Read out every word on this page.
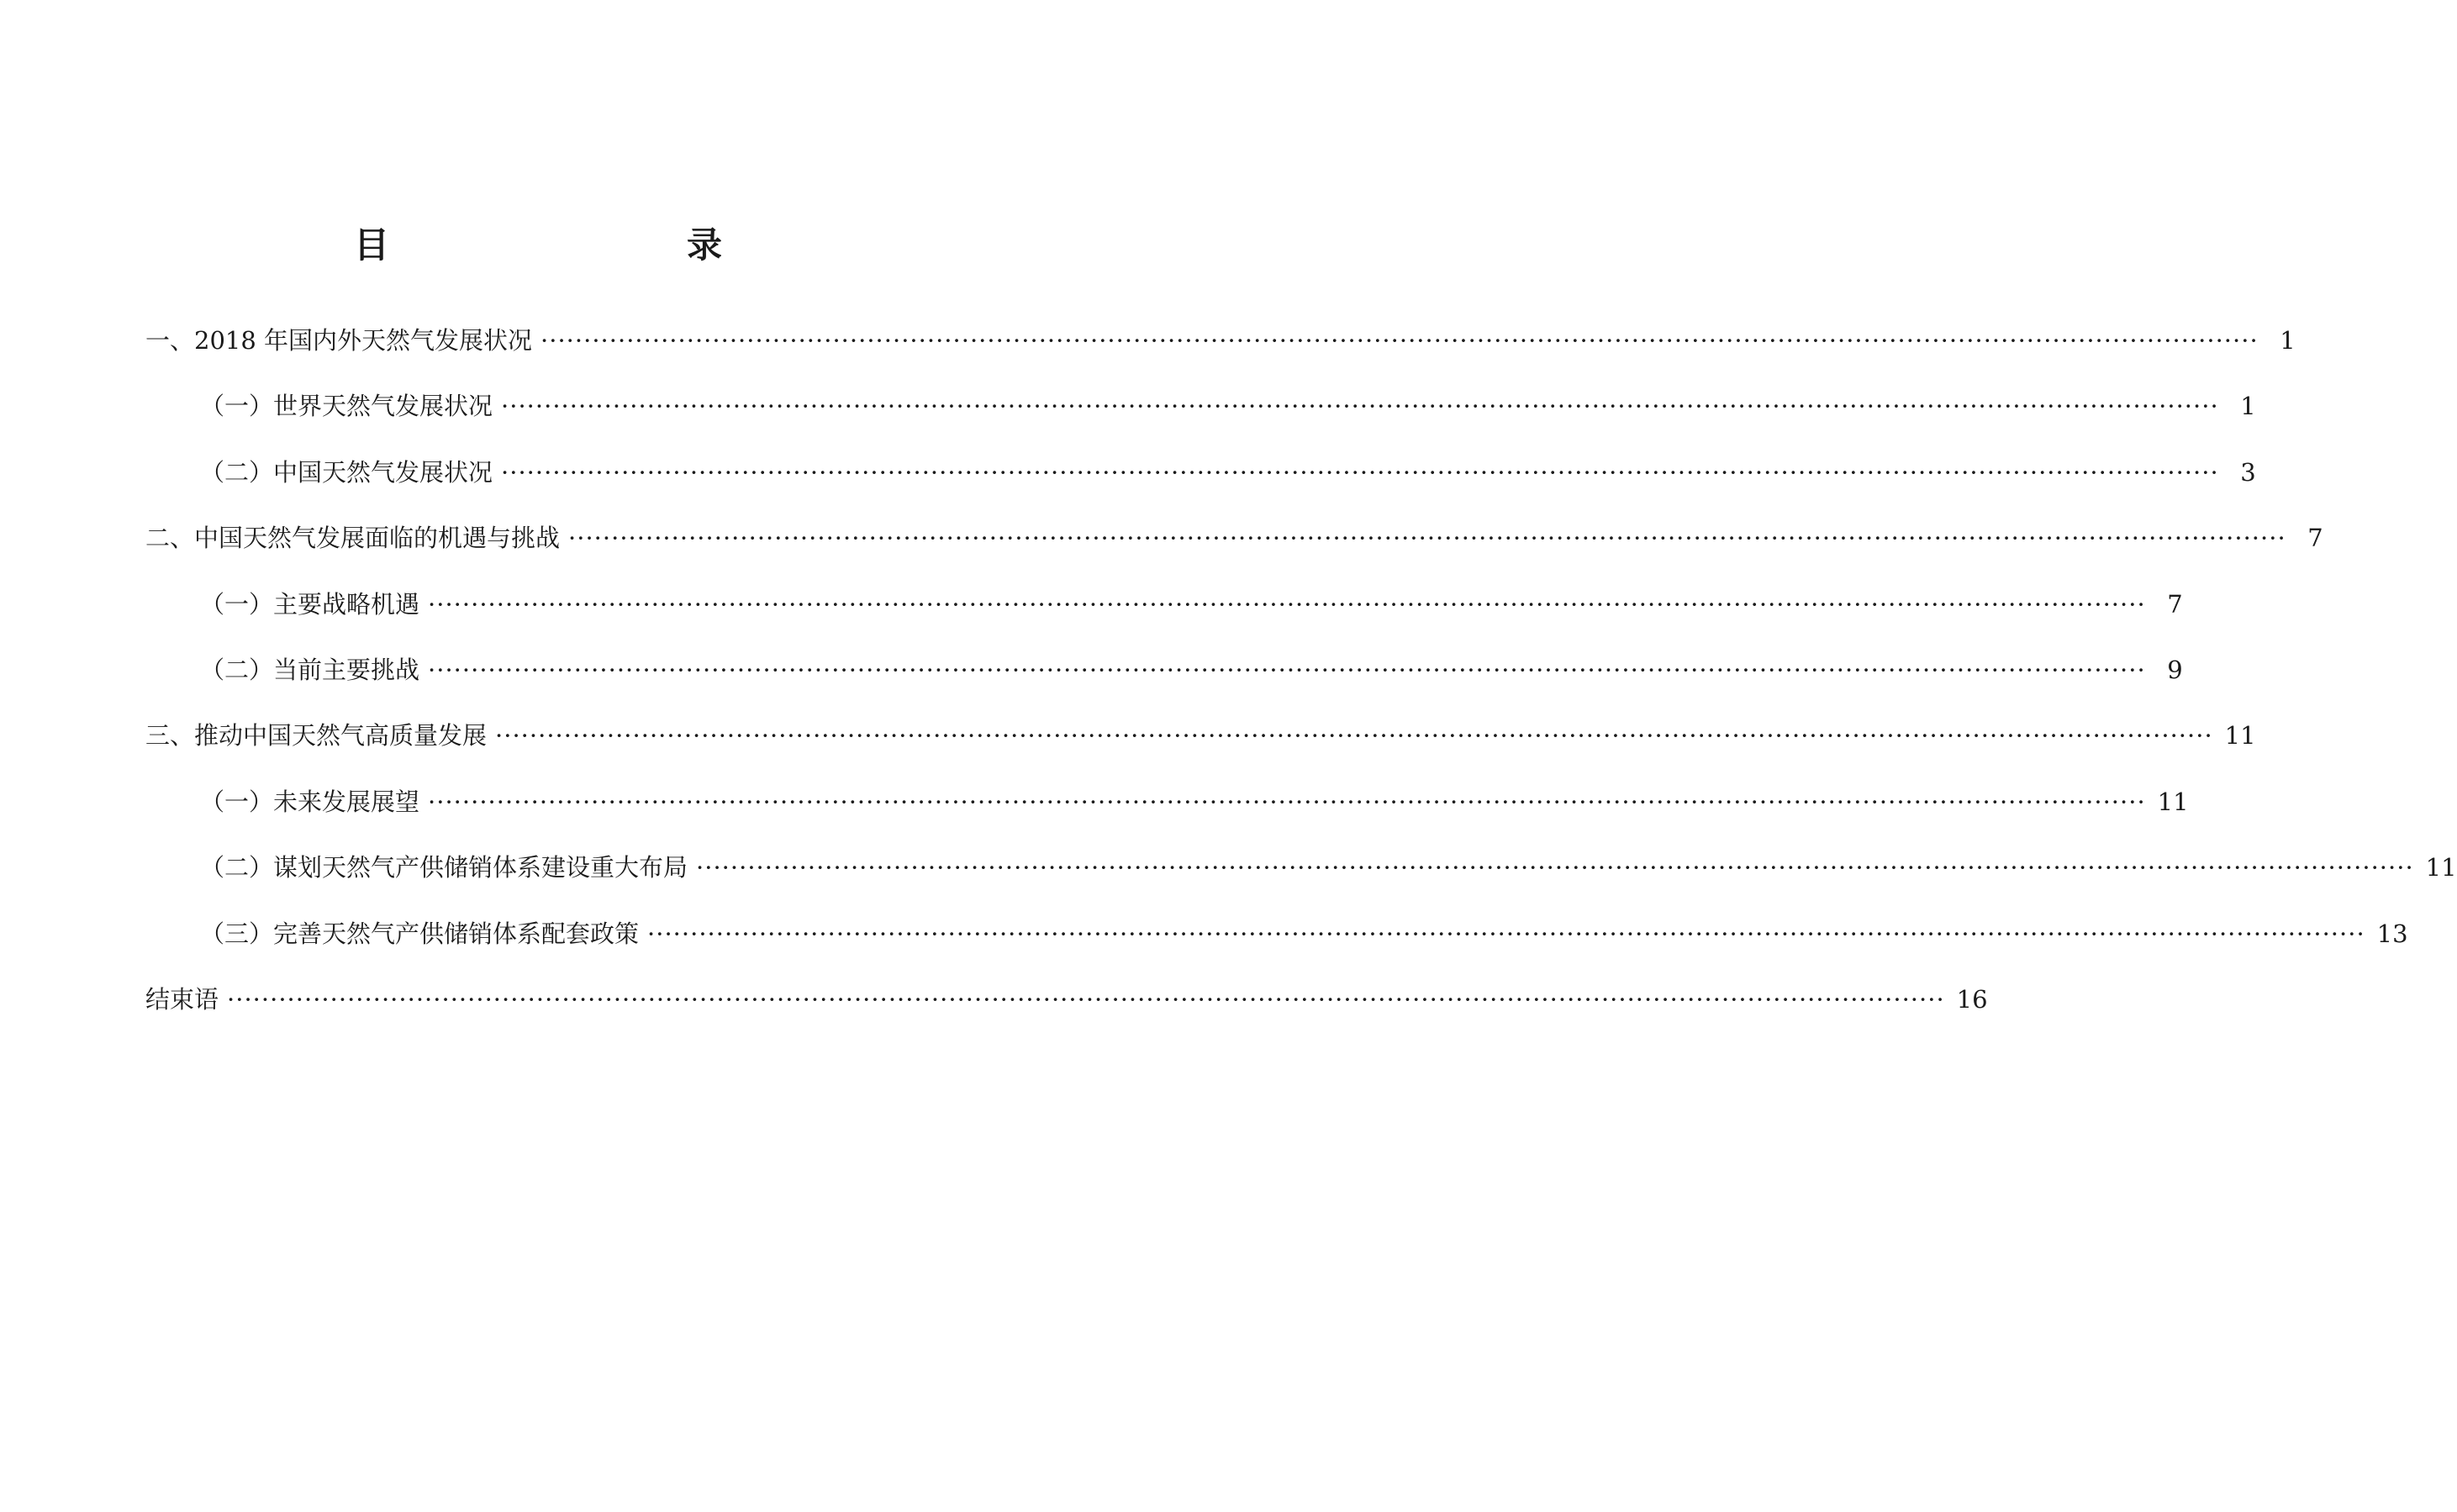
目　　录
一、2018 年国内外天然气发展状况 ········································································································································································································ 1
（一）世界天然气发展状况 ········································································································································································································ 1
（二）中国天然气发展状况 ········································································································································································································ 3
二、中国天然气发展面临的机遇与挑战 ········································································································································································································ 7
（一）主要战略机遇 ········································································································································································································ 7
（二）当前主要挑战 ········································································································································································································ 9
三、推动中国天然气高质量发展 ········································································································································································································ 11
（一）未来发展展望 ········································································································································································································ 11
（二）谋划天然气产供储销体系建设重大布局 ········································································································································································································ 11
（三）完善天然气产供储销体系配套政策 ········································································································································································································ 13
结束语 ········································································································································································································ 16
